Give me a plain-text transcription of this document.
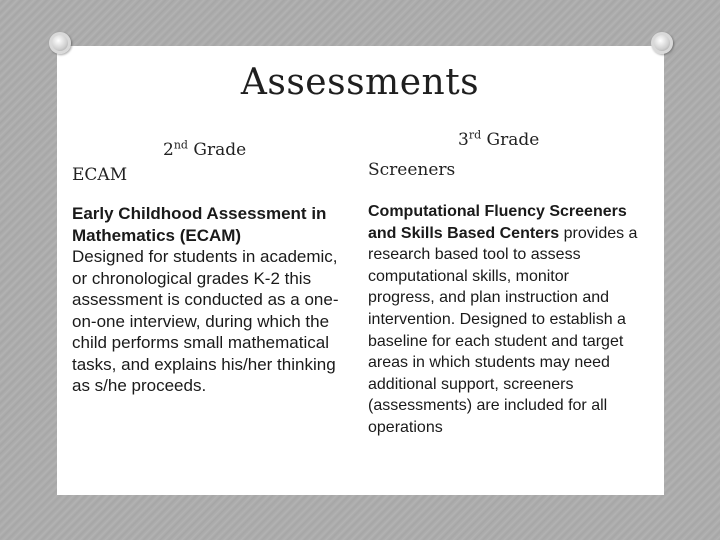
Assessments
2nd Grade
ECAM
3rd Grade
Screeners
Early Childhood Assessment in Mathematics (ECAM)
Designed for students in academic, or chronological grades K-2 this assessment is conducted as a one-on-one interview, during which the child performs small mathematical tasks, and explains his/her thinking as s/he proceeds.
Computational Fluency Screeners and Skills Based Centers provides a research based tool to assess computational skills, monitor progress, and plan instruction and intervention. Designed to establish a baseline for each student and target areas in which students may need additional support, screeners (assessments) are included for all operations
